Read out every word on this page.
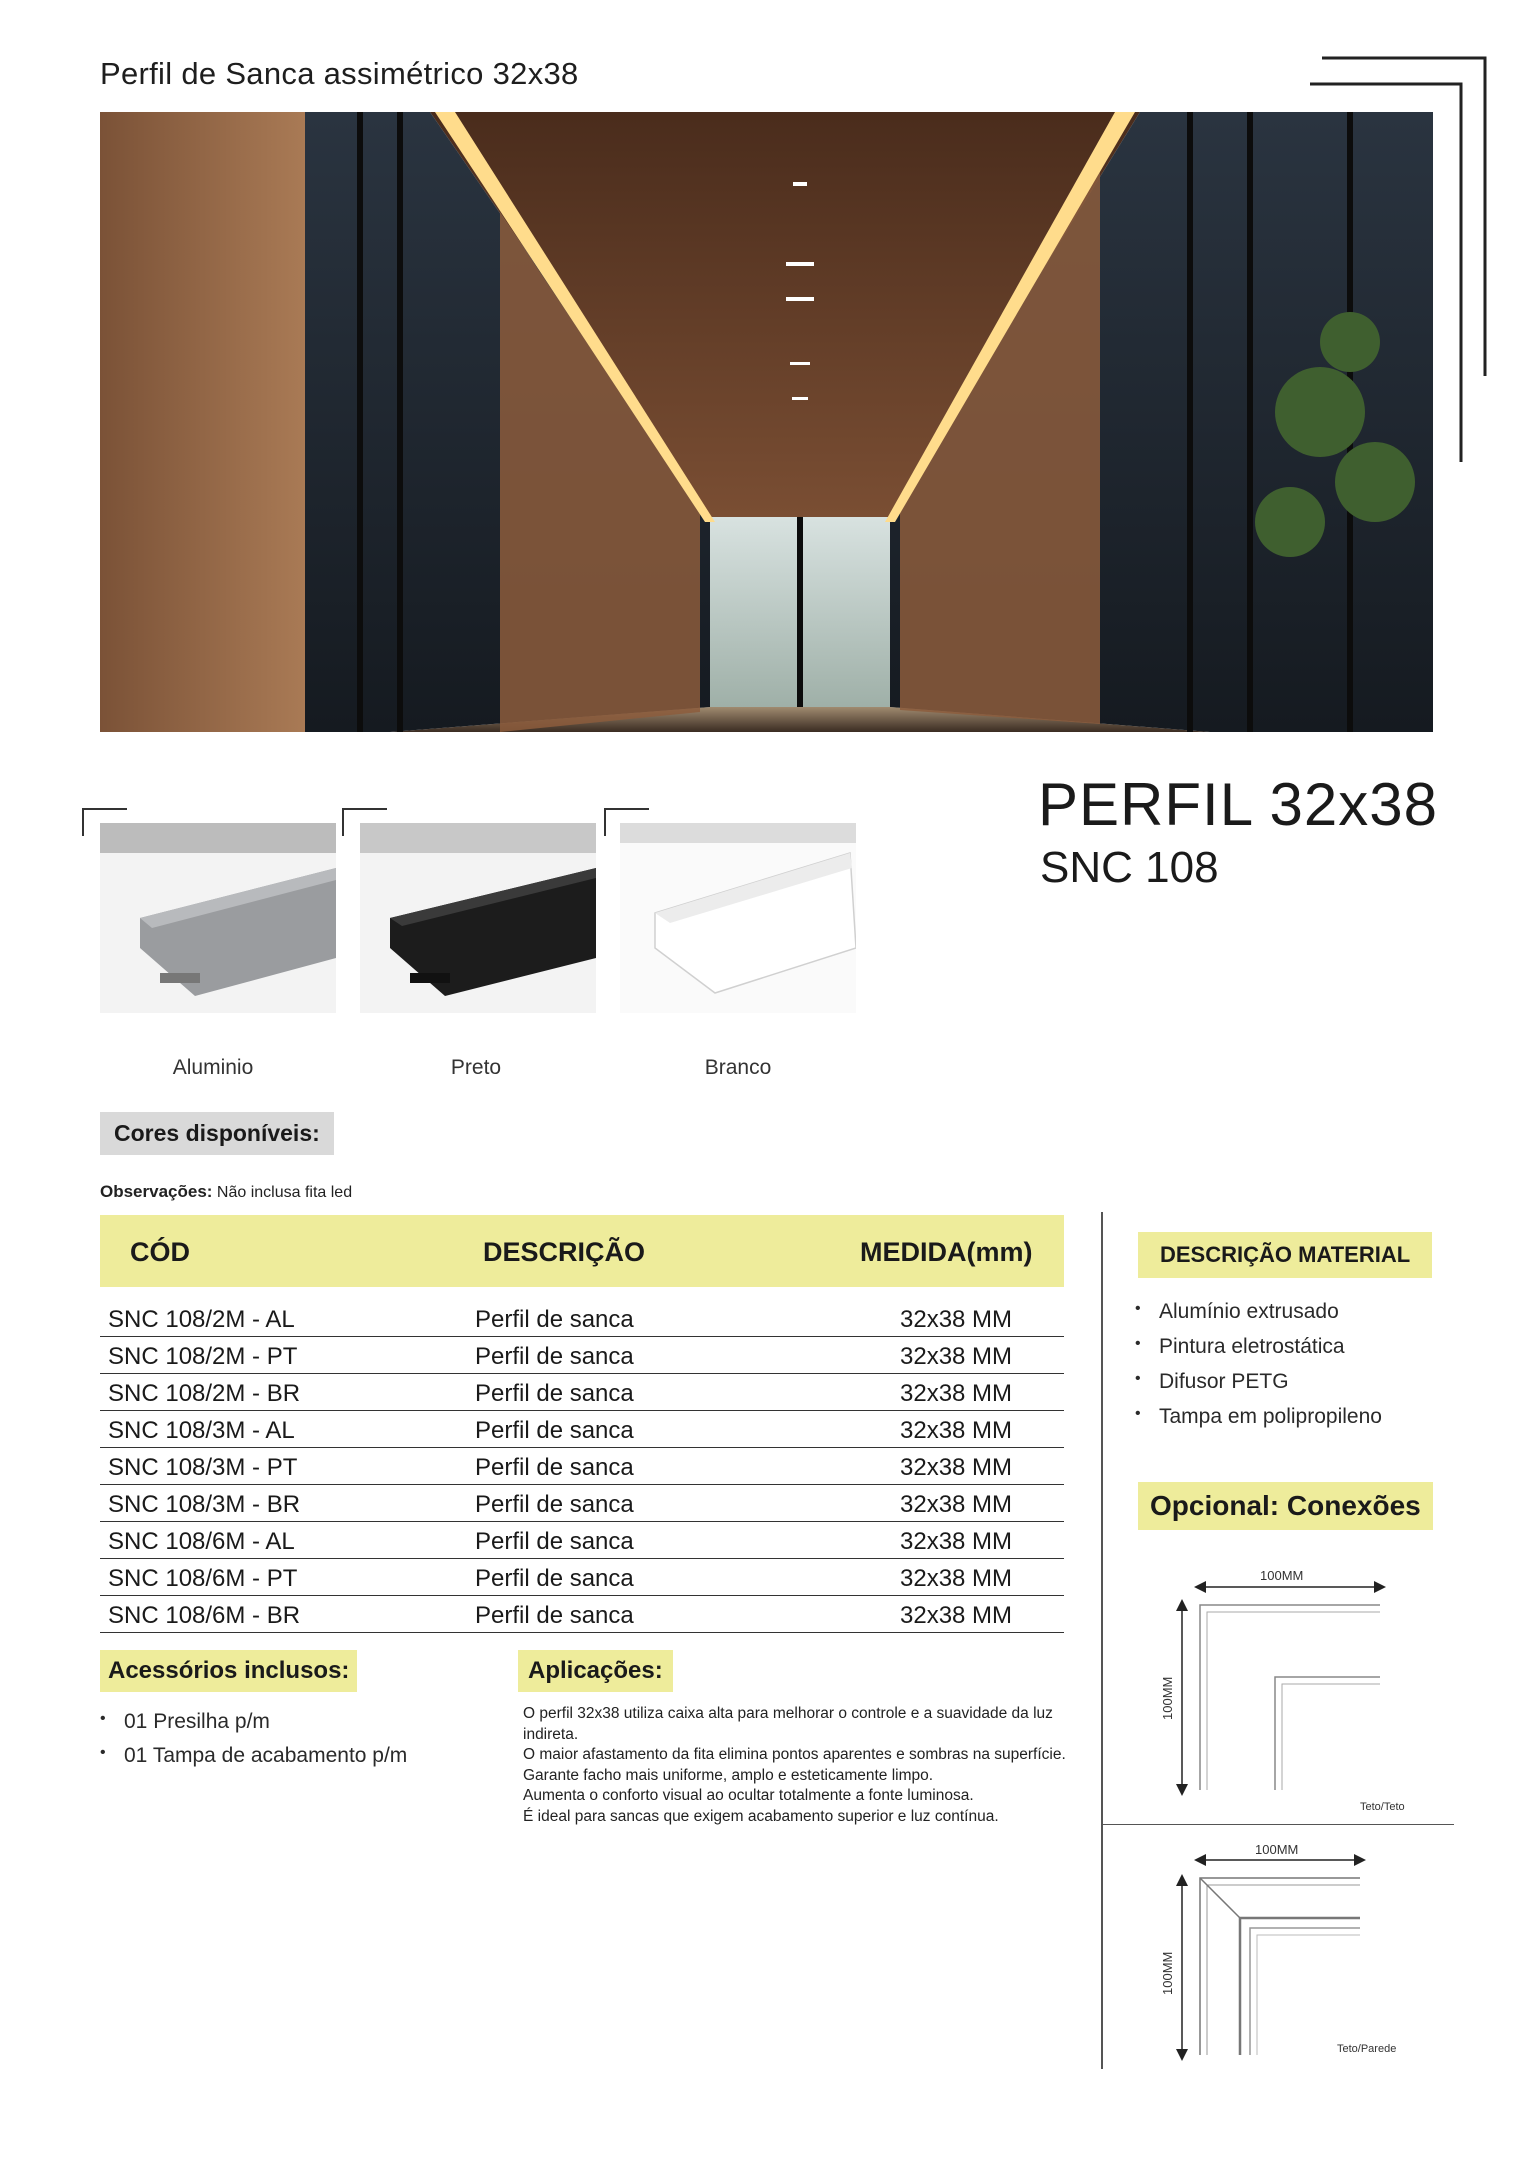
Perfil de Sanca assimétrico 32x38
PERFIL 32x38
SNC 108
Aluminio	Preto	Branco
Cores disponíveis:
Observações: Não inclusa fita led
CÓD	DESCRIÇÃO	MEDIDA(mm)
SNC 108/2M - AL	Perfil de sanca	32x38 MM
SNC 108/2M - PT	Perfil de sanca	32x38 MM
SNC 108/2M - BR	Perfil de sanca	32x38 MM
SNC 108/3M - AL	Perfil de sanca	32x38 MM
SNC 108/3M - PT	Perfil de sanca	32x38 MM
SNC 108/3M - BR	Perfil de sanca	32x38 MM
SNC 108/6M - AL	Perfil de sanca	32x38 MM
SNC 108/6M - PT	Perfil de sanca	32x38 MM
SNC 108/6M - BR	Perfil de sanca	32x38 MM
DESCRIÇÃO MATERIAL
• Alumínio extrusado
• Pintura eletrostática
• Difusor PETG
• Tampa em polipropileno
Opcional: Conexões
100MM
100MM
Teto/Teto
100MM
100MM
Teto/Parede
Acessórios inclusos:
• 01 Presilha p/m
• 01 Tampa de acabamento p/m
Aplicações:

O perfil 32x38 utiliza caixa alta para melhorar o controle e a suavidade da luz indireta.

O maior afastamento da fita elimina pontos aparentes e sombras na superfície.

Garante facho mais uniforme, amplo e esteticamente limpo.

Aumenta o conforto visual ao ocultar totalmente a fonte luminosa.

É ideal para sancas que exigem acabamento superior e luz contínua.
